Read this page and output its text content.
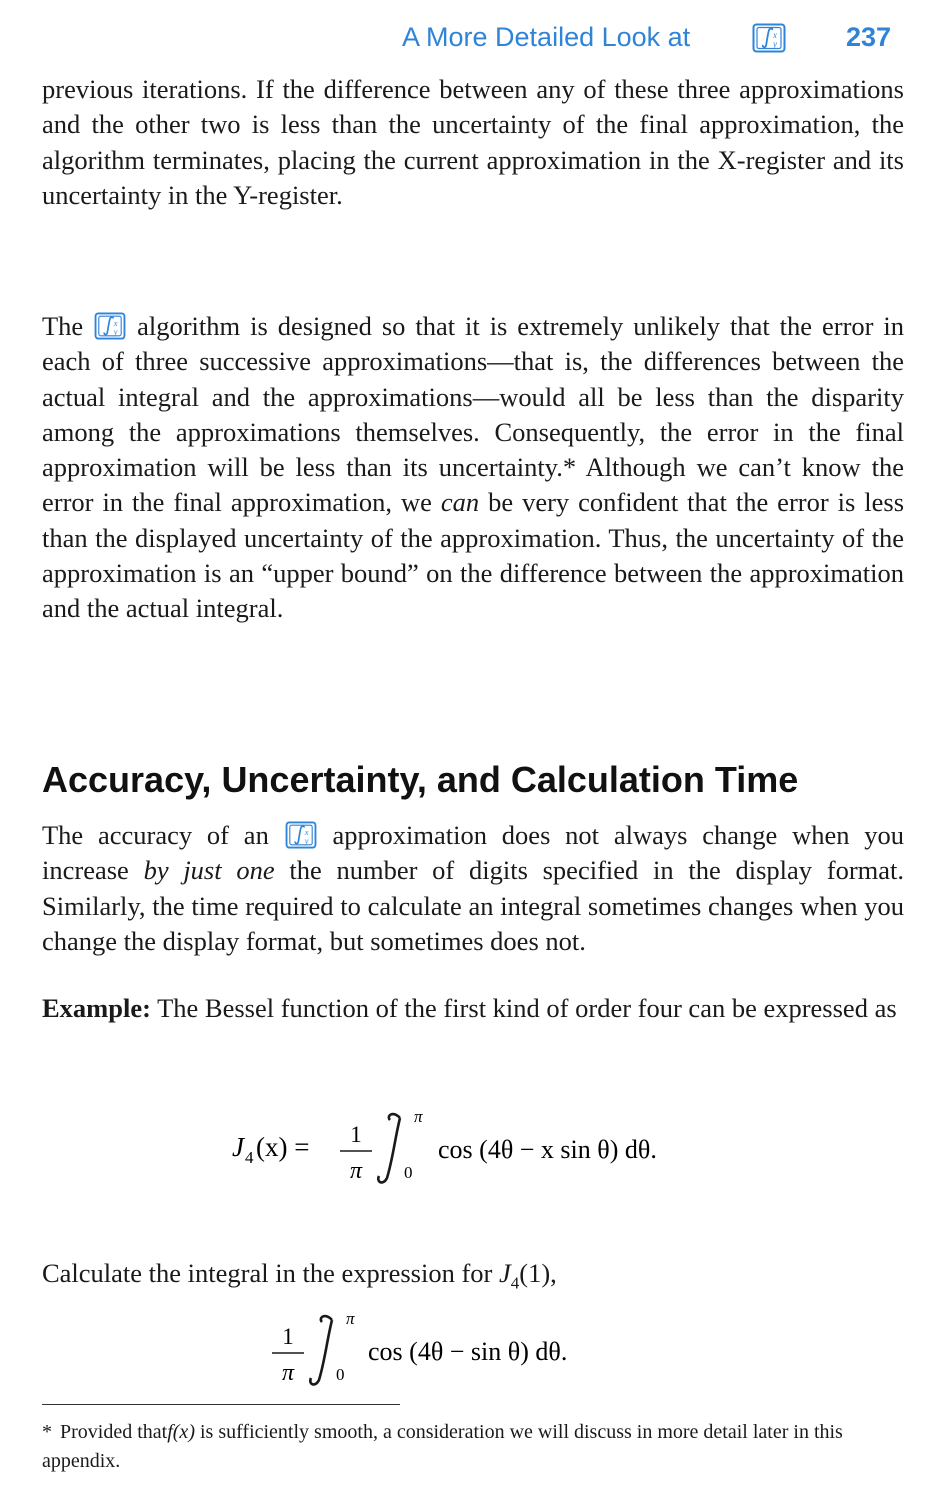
A More Detailed Look at	x
y	237

previous iterations. If the difference between any of these three approximations and the other two is less than the uncertainty of the final approximation, the algorithm terminates, placing the current approximation in the X-register and its uncertainty in the Y-register.

The	x
y algorithm is designed so that it is extremely unlikely that the error in each of three successive approximations—that is, the differences between the actual integral and the approximations—would all be less than the disparity among the approximations themselves. Consequently, the error in the final approximation will be less than its uncertainty.* Although we can’t know the error in the final approximation, we can be very confident that the error is less than the displayed uncertainty of the approximation. Thus, the uncertainty of the approximation is an “upper bound” on the difference between the approximation and the actual integral.

Accuracy, Uncertainty, and Calculation Time

The accuracy of an	x
y approximation does not always change when you increase by just one the number of digits specified in the display format. Similarly, the time required to calculate an integral sometimes changes when you change the display format, but sometimes does not.

Example: The Bessel function of the first kind of order four can be expressed as

J 4 (x) = 1
π
π
0
cos (4θ − x sin θ) dθ.

Calculate the integral in the expression for $J_4(1)$,

1
π
π
0
cos (4θ − sin θ) dθ.

* Provided thatf(x) is sufficiently smooth, a consideration we will discuss in more detail later in this appendix.
